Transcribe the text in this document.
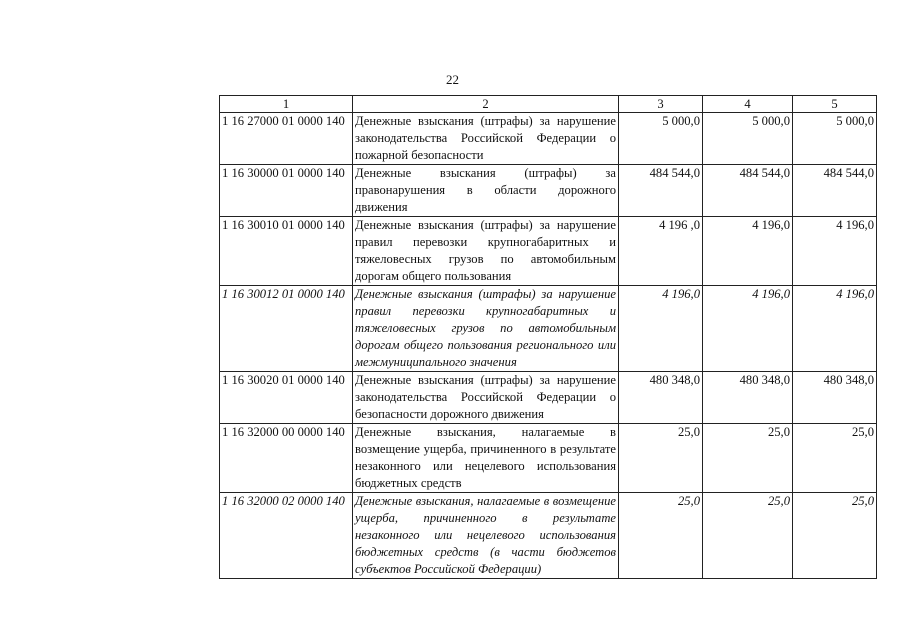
22
1	2	3	4	5
1 16 27000 01 0000 140	Денежные взыскания (штрафы) за нарушение законодательства Российской Федерации о пожарной безопасности	5 000,0	5 000,0	5 000,0
1 16 30000 01 0000 140	Денежные взыскания (штрафы) за правонарушения в области дорожного движения	484 544,0	484 544,0	484 544,0
1 16 30010 01 0000 140	Денежные взыскания (штрафы) за нарушение правил перевозки крупногабаритных и тяжеловесных грузов по автомобильным дорогам общего пользования	4 196 ,0	4 196,0	4 196,0
1 16 30012 01 0000 140	Денежные взыскания (штрафы) за нарушение правил перевозки крупногабаритных и тяжеловесных грузов по автомобильным дорогам общего пользования регионального или межмуниципального значения	4 196,0	4 196,0	4 196,0
1 16 30020 01 0000 140	Денежные взыскания (штрафы) за нарушение законодательства Российской Федерации о безопасности дорожного движения	480 348,0	480 348,0	480 348,0
1 16 32000 00 0000 140	Денежные взыскания, налагаемые в возмещение ущерба, причиненного в результате незаконного или нецелевого использования бюджетных средств	25,0	25,0	25,0
1 16 32000 02 0000 140	Денежные взыскания, налагаемые в возмещение ущерба, причиненного в результате незаконного или нецелевого использования бюджетных средств (в части бюджетов субъектов Российской Федерации)	25,0	25,0	25,0
